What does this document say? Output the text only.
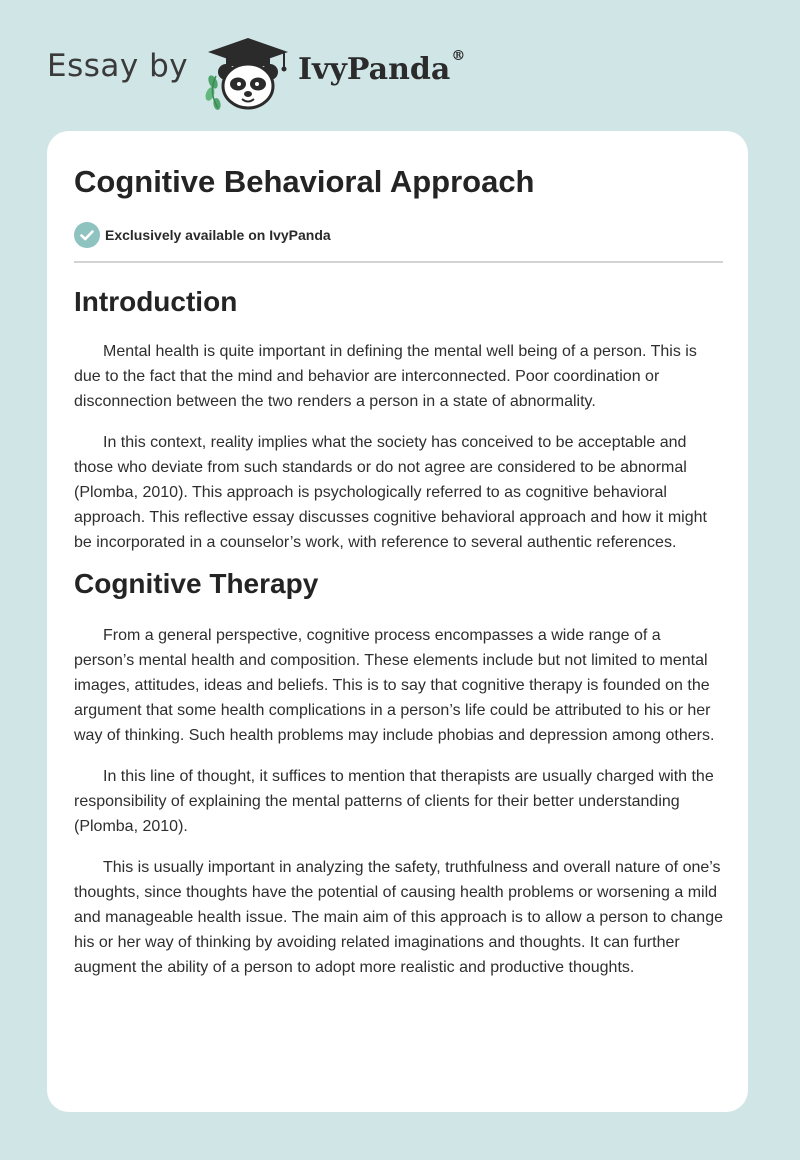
Essay by	IvyPanda®
Cognitive Behavioral Approach
Exclusively available on IvyPanda
Introduction

Mental health is quite important in defining the mental well being of a person. This is due to the fact that the mind and behavior are interconnected. Poor coordination or disconnection between the two renders a person in a state of abnormality.

In this context, reality implies what the society has conceived to be acceptable and those who deviate from such standards or do not agree are considered to be abnormal (Plomba, 2010). This approach is psychologically referred to as cognitive behavioral approach. This reflective essay discusses cognitive behavioral approach and how it might be incorporated in a counselor’s work, with reference to several authentic references.

Cognitive Therapy

From a general perspective, cognitive process encompasses a wide range of a person’s mental health and composition. These elements include but not limited to mental images, attitudes, ideas and beliefs. This is to say that cognitive therapy is founded on the argument that some health complications in a person’s life could be attributed to his or her way of thinking. Such health problems may include phobias and depression among others.

In this line of thought, it suffices to mention that therapists are usually charged with the responsibility of explaining the mental patterns of clients for their better understanding (Plomba, 2010).

This is usually important in analyzing the safety, truthfulness and overall nature of one’s thoughts, since thoughts have the potential of causing health problems or worsening a mild and manageable health issue. The main aim of this approach is to allow a person to change his or her way of thinking by avoiding related imaginations and thoughts. It can further augment the ability of a person to adopt more realistic and productive thoughts.
